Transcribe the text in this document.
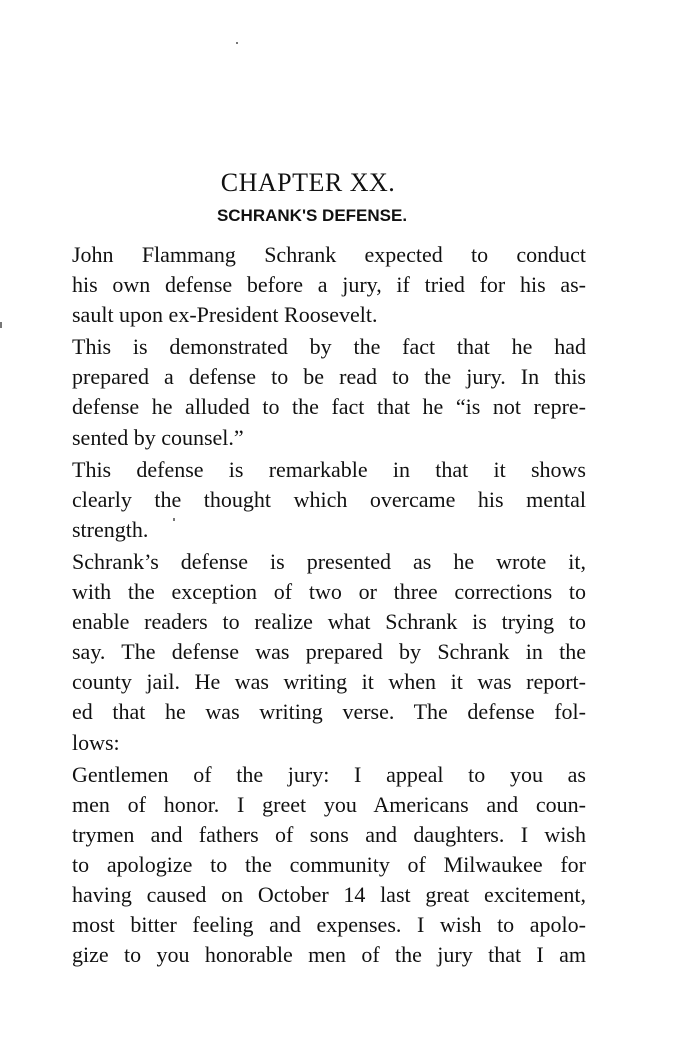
CHAPTER XX.
SCHRANK'S DEFENSE.

John Flammang Schrank expected to conduct
his own defense before a jury, if tried for his as-
sault upon ex-President Roosevelt.

This is demonstrated by the fact that he had
prepared a defense to be read to the jury. In this
defense he alluded to the fact that he “is not repre-
sented by counsel.”

This defense is remarkable in that it shows
clearly the thought which overcame his mental
strength.

Schrank’s defense is presented as he wrote it,
with the exception of two or three corrections to
enable readers to realize what Schrank is trying to
say. The defense was prepared by Schrank in the
county jail. He was writing it when it was report-
ed that he was writing verse. The defense fol-
lows:

Gentlemen of the jury: I appeal to you as
men of honor. I greet you Americans and coun-
trymen and fathers of sons and daughters. I wish
to apologize to the community of Milwaukee for
having caused on October 14 last great excitement,
most bitter feeling and expenses. I wish to apolo-
gize to you honorable men of the jury that I am
